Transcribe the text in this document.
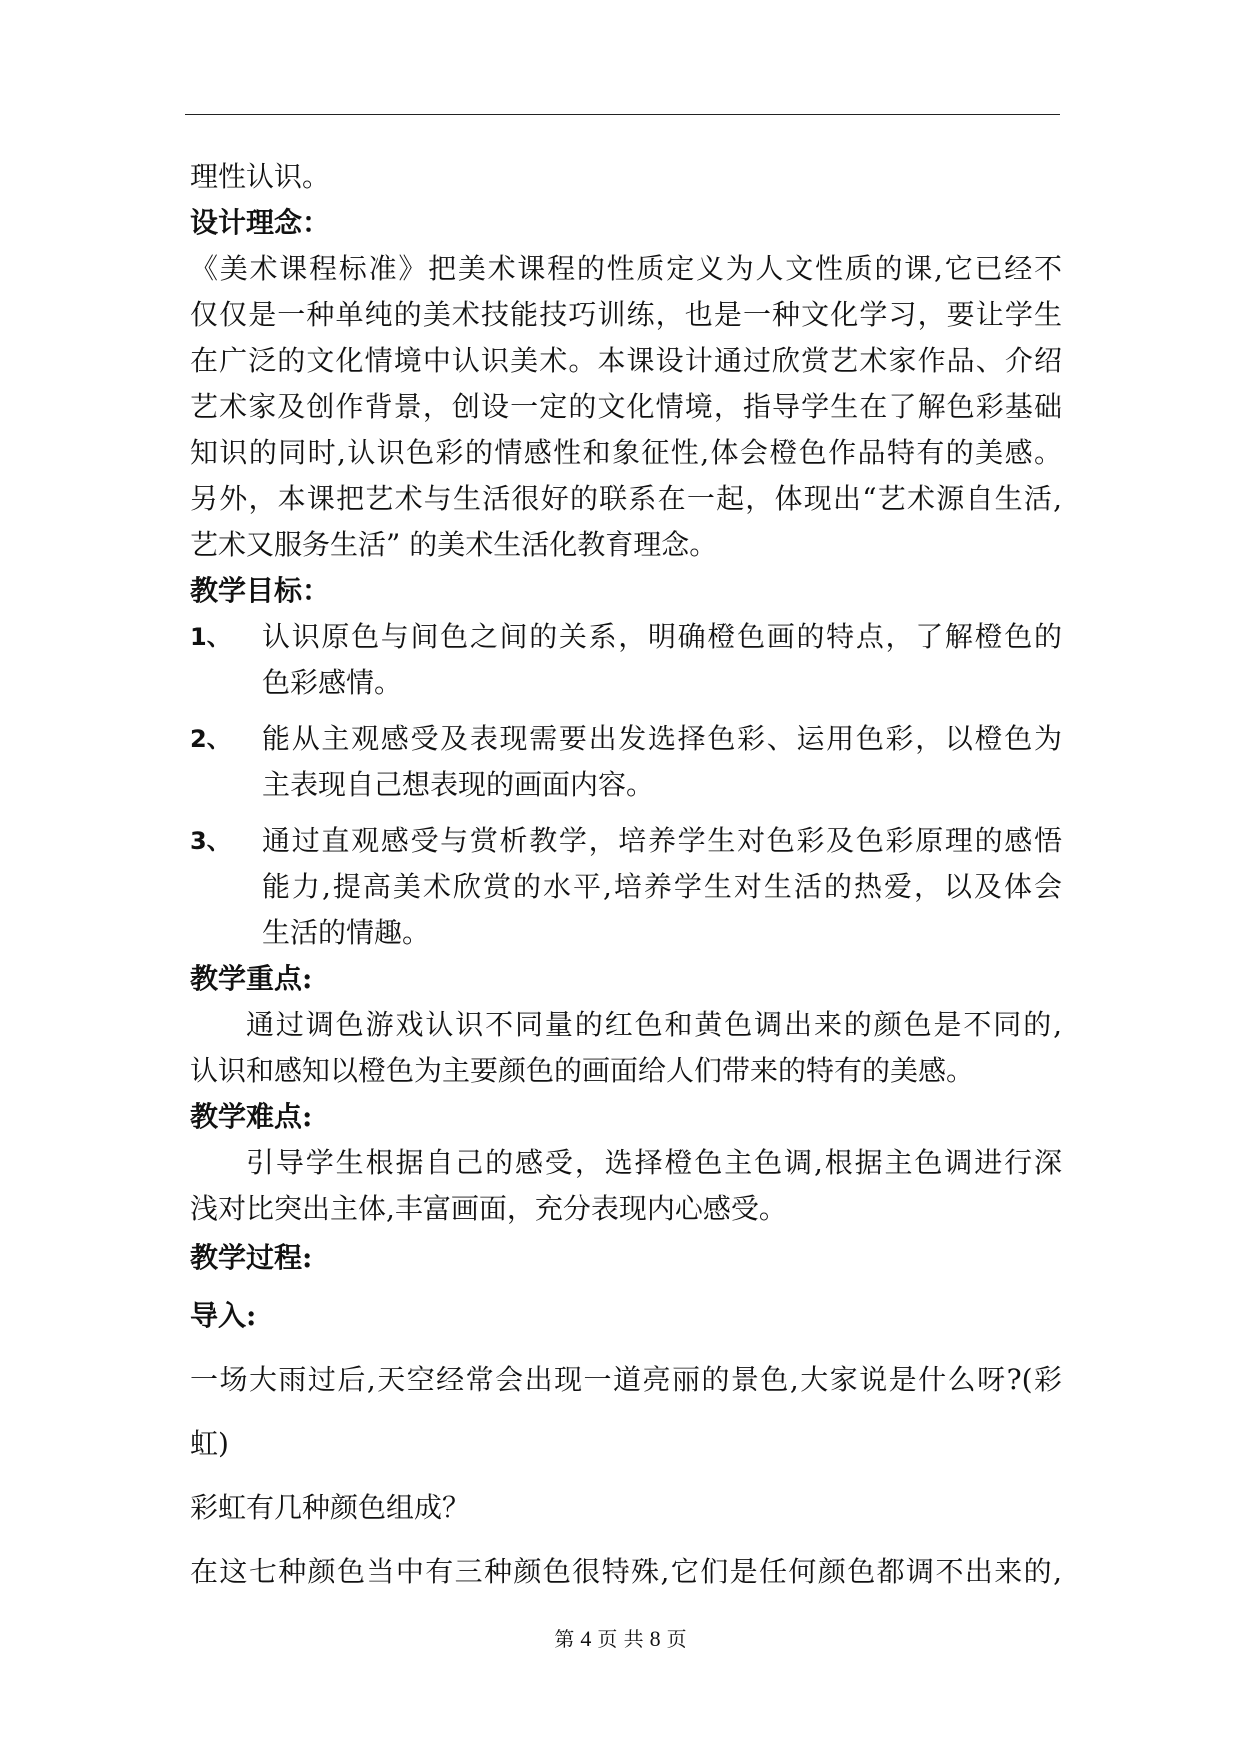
理性认识。

设计理念：

《美术课程标准》把美术课程的性质定义为人文性质的课,它已经不

仅仅是一种单纯的美术技能技巧训练，也是一种文化学习，要让学生

在广泛的文化情境中认识美术。本课设计通过欣赏艺术家作品、介绍

艺术家及创作背景，创设一定的文化情境，指导学生在了解色彩基础

知识的同时,认识色彩的情感性和象征性,体会橙色作品特有的美感。

另外，本课把艺术与生活很好的联系在一起，体现出“艺术源自生活,

艺术又服务生活” 的美术生活化教育理念。

教学目标：

1、 认识原色与间色之间的关系，明确橙色画的特点，了解橙色的

色彩感情。

2、 能从主观感受及表现需要出发选择色彩、运用色彩，以橙色为

主表现自己想表现的画面内容。

3、 通过直观感受与赏析教学，培养学生对色彩及色彩原理的感悟

能力,提高美术欣赏的水平,培养学生对生活的热爱，以及体会

生活的情趣。

教学重点:

通过调色游戏认识不同量的红色和黄色调出来的颜色是不同的,

认识和感知以橙色为主要颜色的画面给人们带来的特有的美感。

教学难点:

引导学生根据自己的感受，选择橙色主色调,根据主色调进行深

浅对比突出主体,丰富画面，充分表现内心感受。

教学过程:

导入:

一场大雨过后,天空经常会出现一道亮丽的景色,大家说是什么呀?(彩

虹)

彩虹有几种颜色组成？

在这七种颜色当中有三种颜色很特殊,它们是任何颜色都调不出来的,

第 4 页 共 8 页
